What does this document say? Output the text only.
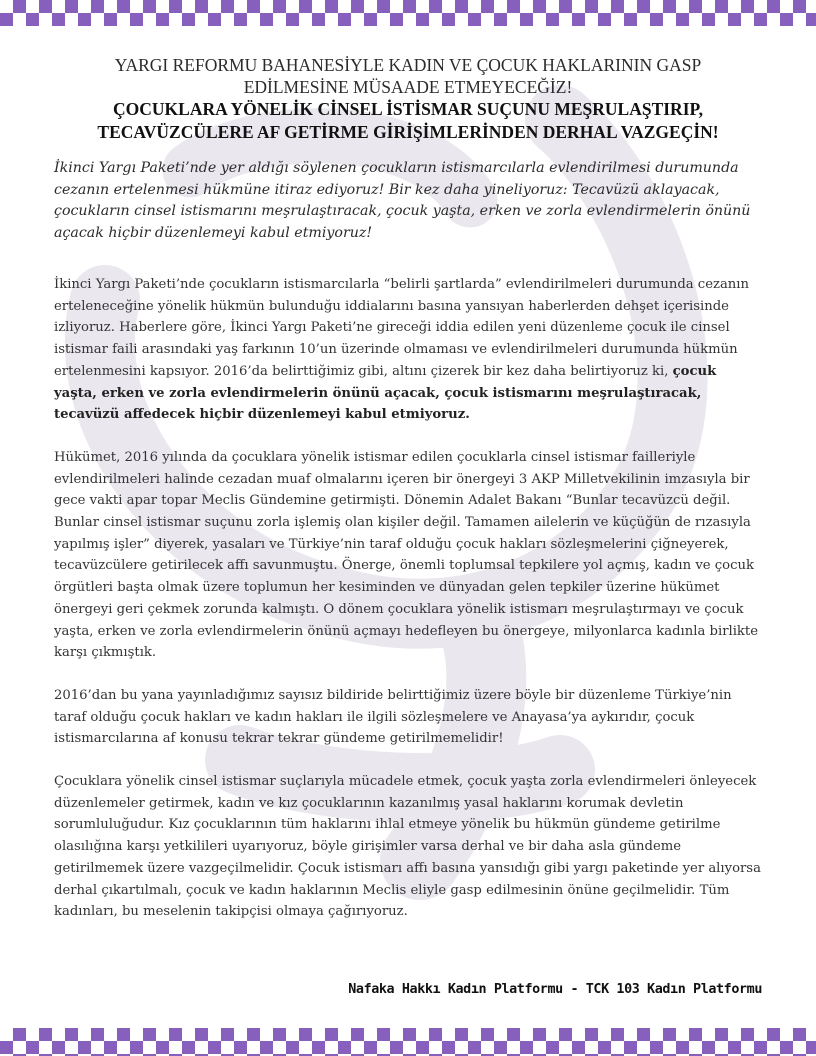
YARGI REFORMU BAHANESİYLE KADIN VE ÇOCUK HAKLARININ GASP
EDİLMESİNE MÜSAADE ETMEYECEĞİZ!
ÇOCUKLARA YÖNELİK CİNSEL İSTİSMAR SUÇUNU MEŞRULAŞTIRIP,
TECAVÜZCÜLERE AF GETİRME GİRİŞİMLERİNDEN DERHAL VAZGEÇİN!

İkinci Yargı Paketi’nde yer aldığı söylenen çocukların istismarcılarla evlendirilmesi durumunda cezanın ertelenmesi hükmüne itiraz ediyoruz! Bir kez daha yineliyoruz: Tecavüzü aklayacak, çocukların cinsel istismarını meşrulaştıracak, çocuk yaşta, erken ve zorla evlendirmelerin önünü açacak hiçbir düzenlemeyi kabul etmiyoruz!

İkinci Yargı Paketi’nde çocukların istismarcılarla “belirli şartlarda” evlendirilmeleri durumunda cezanın erteleneceğine yönelik hükmün bulunduğu iddialarını basına yansıyan haberlerden dehşet içerisinde izliyoruz. Haberlere göre, İkinci Yargı Paketi’ne gireceği iddia edilen yeni düzenleme çocuk ile cinsel istismar faili arasındaki yaş farkının 10’un üzerinde olmaması ve evlendirilmeleri durumunda hükmün ertelenmesini kapsıyor. 2016’da belirttiğimiz gibi, altını çizerek bir kez daha belirtiyoruz ki, çocuk yaşta, erken ve zorla evlendirmelerin önünü açacak, çocuk istismarını meşrulaştıracak, tecavüzü affedecek hiçbir düzenlemeyi kabul etmiyoruz.

Hükümet, 2016 yılında da çocuklara yönelik istismar edilen çocuklarla cinsel istismar failleriyle evlendirilmeleri halinde cezadan muaf olmalarını içeren bir önergeyi 3 AKP Milletvekilinin imzasıyla bir gece vakti apar topar Meclis Gündemine getirmişti. Dönemin Adalet Bakanı “Bunlar tecavüzcü değil. Bunlar cinsel istismar suçunu zorla işlemiş olan kişiler değil. Tamamen ailelerin ve küçüğün de rızasıyla yapılmış işler” diyerek, yasaları ve Türkiye’nin taraf olduğu çocuk hakları sözleşmelerini çiğneyerek, tecavüzcülere getirilecek affı savunmuştu. Önerge, önemli toplumsal tepkilere yol açmış, kadın ve çocuk örgütleri başta olmak üzere toplumun her kesiminden ve dünyadan gelen tepkiler üzerine hükümet önergeyi geri çekmek zorunda kalmıştı. O dönem çocuklara yönelik istismarı meşrulaştırmayı ve çocuk yaşta, erken ve zorla evlendirmelerin önünü açmayı hedefleyen bu önergeye, milyonlarca kadınla birlikte karşı çıkmıştık.

2016’dan bu yana yayınladığımız sayısız bildiride belirttiğimiz üzere böyle bir düzenleme Türkiye’nin taraf olduğu çocuk hakları ve kadın hakları ile ilgili sözleşmelere ve Anayasa’ya aykırıdır, çocuk istismarcılarına af konusu tekrar tekrar gündeme getirilmemelidir!

Çocuklara yönelik cinsel istismar suçlarıyla mücadele etmek, çocuk yaşta zorla evlendirmeleri önleyecek düzenlemeler getirmek, kadın ve kız çocuklarının kazanılmış yasal haklarını korumak devletin sorumluluğudur. Kız çocuklarının tüm haklarını ihlal etmeye yönelik bu hükmün gündeme getirilme olasılığına karşı yetkilileri uyarıyoruz, böyle girişimler varsa derhal ve bir daha asla gündeme getirilmemek üzere vazgeçilmelidir. Çocuk istismarı affı basına yansıdığı gibi yargı paketinde yer alıyorsa derhal çıkartılmalı, çocuk ve kadın haklarının Meclis eliyle gasp edilmesinin önüne geçilmelidir. Tüm kadınları, bu meselenin takipçisi olmaya çağırıyoruz.

Nafaka Hakkı Kadın Platformu - TCK 103 Kadın Platformu
